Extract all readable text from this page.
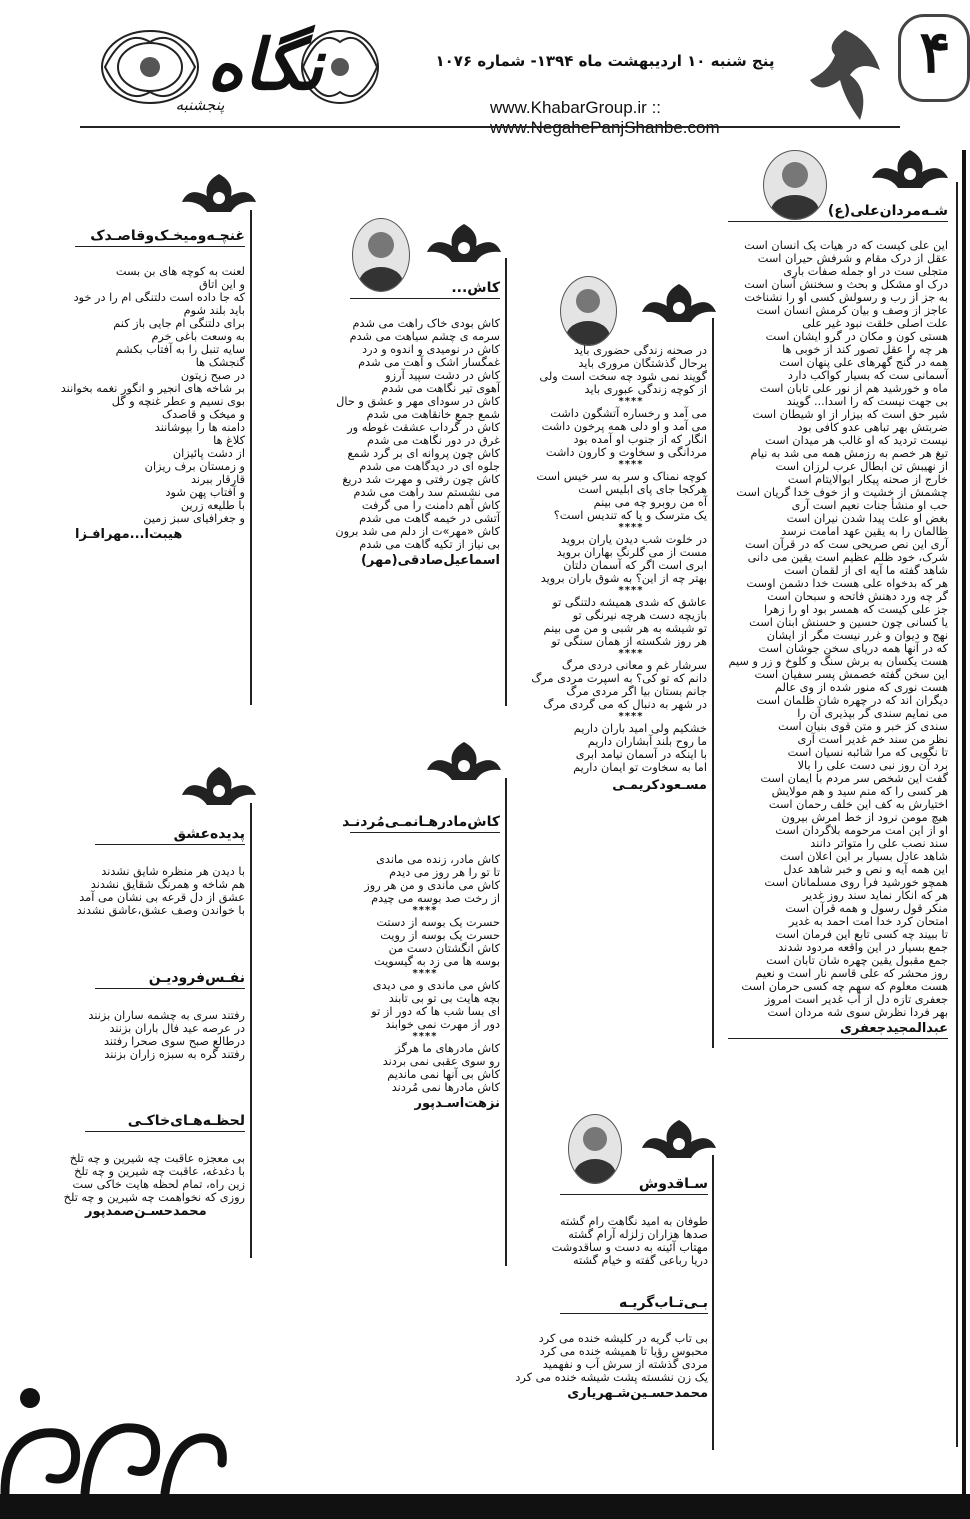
نگاه
پنجشنبه
پنج شنبه ۱۰ اردیبهشت ماه ۱۳۹۴- شماره ۱۰۷۶
www.KhabarGroup.ir :: www.NegahePanjShanbe.com
۴
شـه‌مردان‌علی(ع)
این علی کیست که در هیات یک انسان است
عقل از درک مقام و شرفش حیران است
متجلی ست در او جمله صفات باری
درک او مشکل و بحث و سخنش آسان است
به جز از رب و رسولش کسی او را نشناخت
عاجز از وصف و بیان کرمش انسان است
علت اصلی خلقت نبود غیر علی
هستی کون و مکان در گرو ایشان است
هر چه را عقل تصور کند از خوبی ها
همه در گنج گهرهای علی پنهان است
آسمانی ست که بسیار کواکب دارد
ماه و خورشید هم از نور علی تابان است
بی جهت نیست که را اسدا... گویند
شیر حق است که بیزار از او شیطان است
ضربتش بهر تباهی عدو کافی بود
نیست تردید که او غالب هر میدان است
تیغ هر خصم به رزمش همه می شد به نیام
از نهیبش تن ابطال عرب لرزان است
خارج از صحنه پیکار ابوالایتام است
چشمش از خشیت و از خوف خدا گریان است
حب او منشأ جنات نعیم است آری
بغض او علت پیدا شدن نیران است
ظالمان را به یقین عهد امامت نرسد
آری این نص صریحی ست که در قرآن است
شرک، خود ظلم عظیم است یقین می دانی
شاهد گفته ما آیه ای از لقمان است
هر که بدخواه علی هست خدا دشمن اوست
گر چه ورد دهنش فاتحه و سبحان است
جز علی کیست که همسر بود او را زهرا
یا کسانی چون حسین و حسنش ابنان است
نهج و دیوان و غرر نیست مگر از ایشان
که در آنها همه دریای سخن جوشان است
هست یکسان به برش سنگ و کلوخ و زر و سیم
این سخن گفته خصمش پسر سفیان است
هست نوری که منور شده از وی عالم
دیگران اند که در چهره شان ظلمان است
می نمایم سندی گر بپذیری آن را
سندی کز خبر و متن قوی بنیان است
نظر من سند خم غدیر است آری
تا نگویی که مرا شائبه نسیان است
برد آن روز نبی دست علی را بالا
گفت این شخص سر مردم با ایمان است
هر کسی را که منم سید و هم مولایش
اختیارش به کف این خلف رحمان است
هیچ مومن نرود از خط امرش بیرون
او از این امت مرحومه بلاگردان است
سند نصب علی را متواتر دانند
شاهد عادل بسیار بر این اعلان است
این همه آیه و نص و خبر شاهد عدل
همچو خورشید فرا روی مسلمانان است
هر که انکار نماید سند روز غدیر
منکر قول رسول و همه قرآن است
امتحان کرد خدا امت احمد به غدیر
تا ببیند چه کسی تابع این فرمان است
جمع بسیار در این واقعه مردود شدند
جمع مقبول یقین چهره شان تابان است
روز محشر که علی قاسم نار است و نعیم
هست معلوم که سهم چه کسی حرمان است
جعفری تازه دل از آب غدیر است امروز
بهر فردا نظرش سوی شه مردان است
عبدالمجیدجعفری
در صحنه زندگی حضوری باید
برحال گذشتگان مروری باید
گویند نمی شود چه سخت است ولی
از کوچه زندگی عبوری باید
****
می آمد و رخساره آتشگون داشت
می آمد و او دلی همه پرخون داشت
انگار که از جنوب او آمده بود
مردانگی و سخاوت و کارون داشت
****
کوچه نمناک و سر به سر خیس است
هرکجا جای پای ابلیس است
آه من روبرو چه می بینم
یک مترسک و یا که تندیس است؟
****
در خلوت شب دیدن یاران بروید
مست از می گلرنگ بهاران بروید
ابری است اگر که آسمان دلتان
بهتر چه از این؟ به شوق باران بروید
****
عاشق که شدی همیشه دلتنگی تو
بازیچه دست هرچه نیرنگی تو
تو شیشه به هر شبی و من می بینم
هر روز شکسته از همان سنگی تو
****
سرشار غم و معانی دردی مرگ
دانم که تو کی؟ به اسپرت مردی مرگ
جانم بستان بیا اگر مردی مرگ
در شهر به دنبال که می گردی مرگ
****
خشکیم ولی امید باران داریم
ما روح بلند آبشاران داریم
با اینکه در آسمان نیامد ابری
اما به سخاوت تو ایمان داریم
مسـعودکریمـی
سـاقدوش
طوفان به امید نگاهت رام گشته
صدها هزاران زلزله آرام گشته
مهتاب آئینه به دست و ساقدوشت
دریا رباعی گفته و خیام گشته
بـی‌تـاب‌گریـه
بی تاب گریه در کلیشه خنده می کرد
محبوس رؤیا تا همیشه خنده می کرد
مردی گذشته از سرش آب و نفهمید
یک زن نشسته پشت شیشه خنده می کرد
محمدحسـین‌شـهریاری
کاش...
کاش بودی خاک راهت می شدم
سرمه ی چشم سیاهت می شدم
کاش در نومیدی و اندوه و درد
غمگسار اشک و آهت می شدم
کاش در دشت سپید آرزو
آهوی تیر نگاهت می شدم
کاش در سودای مهر و عشق و حال
شمع جمع خانقاهت می شدم
کاش در گرداب عشقت غوطه ور
غرق در دور نگاهت می شدم
کاش چون پروانه ای بر گرد شمع
جلوه ای در دیدگاهت می شدم
کاش چون رفتی و مهرت شد دریغ
می نشستم سد راهت می شدم
کاش آهم دامنت را می گرفت
آتشی در خیمه گاهت می شدم
کاش «مهر»ت از دلم می شد برون
بی نیاز از تکیه گاهت می شدم
اسماعیل‌صادقی(مهر)
کاش‌مادرهـا‌نمـی‌مُردنـد
کاش مادر، زنده می ماندی
تا تو را هر روز می دیدم
کاش می ماندی و من هر روز
از رخت صد بوسه می چیدم
****
حسرت یک بوسه از دستت
حسرت یک بوسه از رویت
کاش انگشتان دست من
بوسه ها می زد به گیسویت
****
کاش می ماندی و می دیدی
بچه هایت بی تو بی تابند
ای بسا شب ها که دور از تو
دور از مهرت نمی خوابند
****
کاش مادرهای ما هرگز
رو سوی عقبی نمی بردند
کاش بی آنها نمی ماندیم
کاش مادرها نمی مُردند
نزهت‌اسـدپور
غنچـه‌ومیخـک‌وقاصـدک
لعنت به کوچه های بن بست
و این اتاق
که جا داده است دلتنگی ام را در خود
باید بلند شوم
برای دلتنگی ام جایی باز کنم
به وسعت باغی خرم
سایه تنبل را به آفتاب بکشم
گنجشک ها
در صبح زیتون
بر شاخه های انجیر و انگور نغمه بخوانند
بوی نسیم و عطر غنچه و گل
و میخک و قاصدک
دامنه ها را بپوشانند
کلاغ ها
از دشت پائیزان
و زمستان برف ریزان
قارقار ببرند
و آفتاب پهن شود
با طلیعه زرین
و جغرافیای سبز زمین
هیبت‌ا...مهرافـزا
پدیده‌عشق
با دیدن هر منظره شایق نشدند
هم شاخه و همرنگ شقایق نشدند
عشق از دل قرعه بی نشان می آمد
با خواندن وصف عشق،عاشق نشدند
نفـس‌فرودیـن
رفتند سری به چشمه ساران بزنند
در عرصه عید فال باران بزنند
درطالع صبح سوی صحرا رفتند
رفتند گره به سبزه زاران بزنند
لحظـه‌هـای‌خاکـی
بی معجزه عاقبت چه شیرین و چه تلخ
با دغدغه، عاقبت چه شیرین و چه تلخ
زین راه، تمام لحظه هایت خاکی ست
روزی که نخواهمت چه شیرین و چه تلخ
محمدحسـن‌صمدپور
